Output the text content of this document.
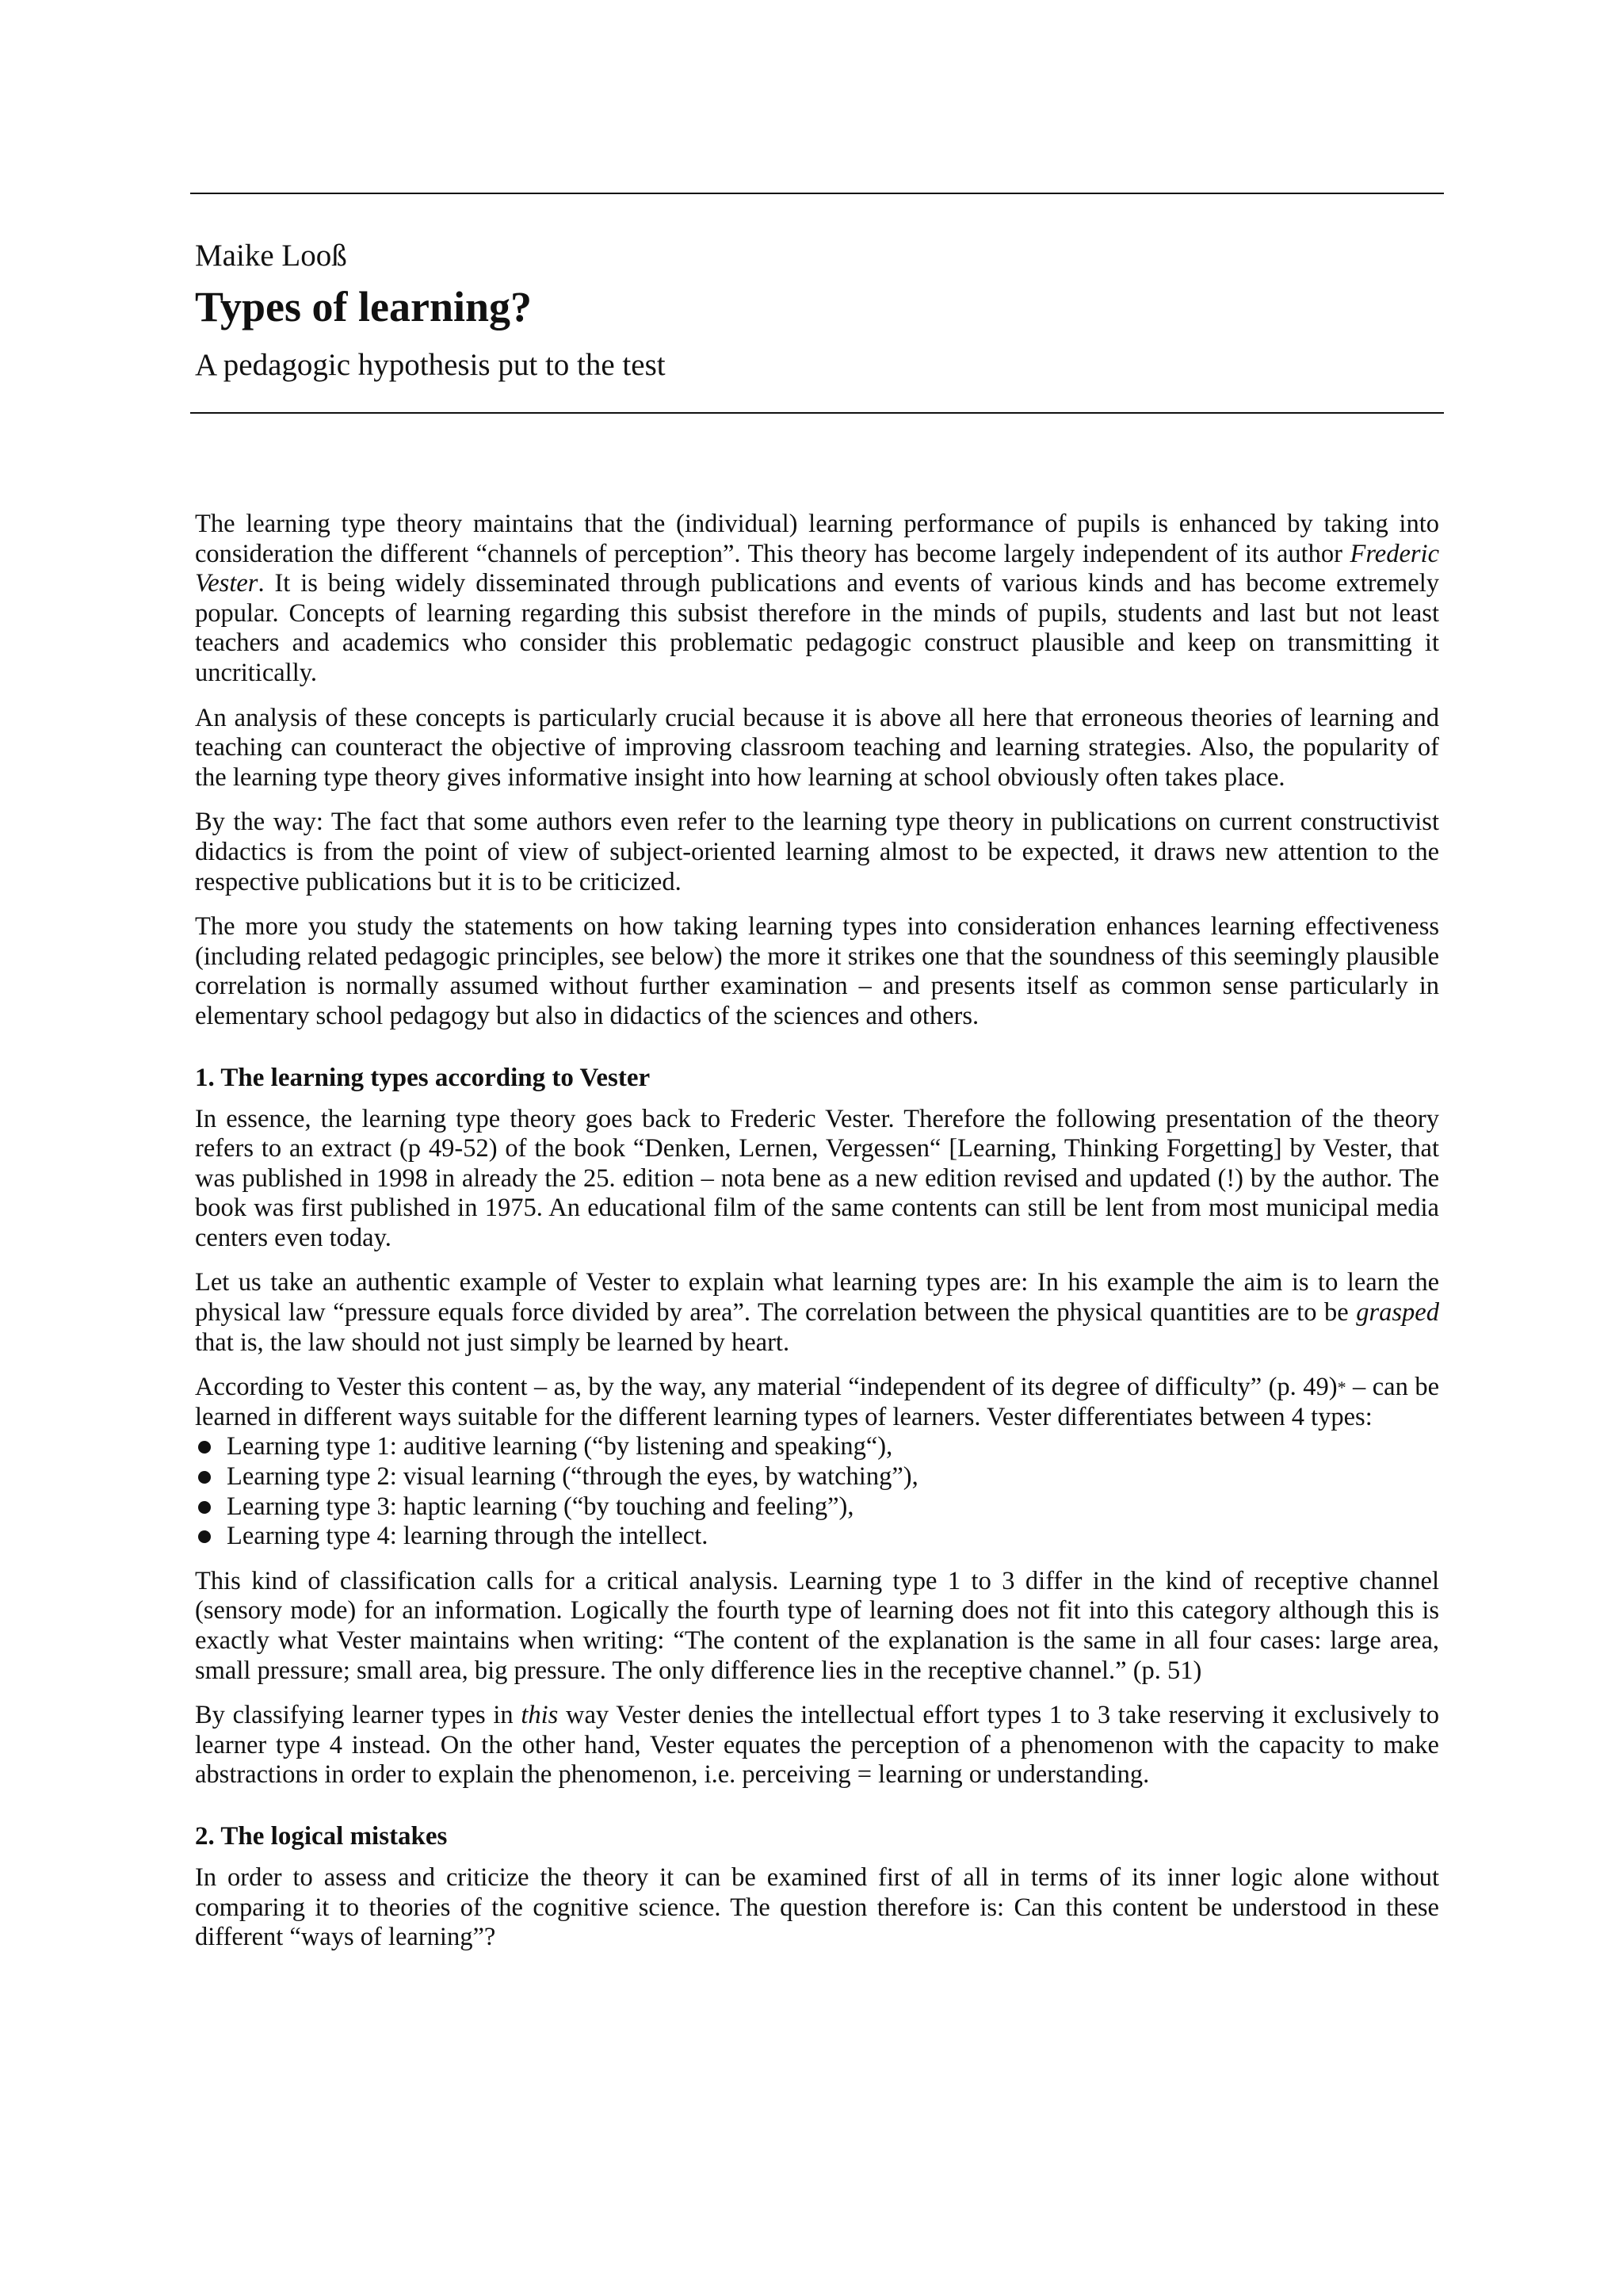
Maike Looß
Types of learning?
A pedagogic hypothesis put to the test

The learning type theory maintains that the (individual) learning performance of pupils is enhanced by taking into consideration the different “channels of perception”. This theory has become largely independent of its author Frederic Vester. It is being widely disseminated through publications and events of various kinds and has become extremely popular. Concepts of learning regarding this subsist therefore in the minds of pupils, students and last but not least teachers and academics who consider this problematic pedagogic construct plausible and keep on transmitting it uncritically.

An analysis of these concepts is particularly crucial because it is above all here that erroneous theories of learning and teaching can counteract the objective of improving classroom teaching and learning strategies. Also, the popularity of the learning type theory gives informative insight into how learning at school obviously often takes place.

By the way: The fact that some authors even refer to the learning type theory in publications on current constructivist didactics is from the point of view of subject-oriented learning almost to be expected, it draws new attention to the respective publications but it is to be criticized.

The more you study the statements on how taking learning types into consideration enhances learning effectiveness (including related pedagogic principles, see below) the more it strikes one that the soundness of this seemingly plausible correlation is normally assumed without further examination – and presents itself as common sense particularly in elementary school pedagogy but also in didactics of the sciences and others.

1. The learning types according to Vester

In essence, the learning type theory goes back to Frederic Vester. Therefore the following presentation of the theory refers to an extract (p 49-52) of the book “Denken, Lernen, Vergessen“ [Learning, Thinking Forgetting] by Vester, that was published in 1998 in already the 25. edition – nota bene as a new edition revised and updated (!) by the author. The book was first published in 1975. An educational film of the same contents can still be lent from most municipal media centers even today.

Let us take an authentic example of Vester to explain what learning types are: In his example the aim is to learn the physical law “pressure equals force divided by area”. The correlation between the physical quantities are to be grasped that is, the law should not just simply be learned by heart.

According to Vester this content – as, by the way, any material “independent of its degree of difficulty” (p. 49)* – can be learned in different ways suitable for the different learning types of learners. Vester differentiates between 4 types:

Learning type 1: auditive learning (“by listening and speaking“),
Learning type 2: visual learning (“through the eyes, by watching”),
Learning type 3: haptic learning (“by touching and feeling”),
Learning type 4: learning through the intellect.

This kind of classification calls for a critical analysis. Learning type 1 to 3 differ in the kind of receptive channel (sensory mode) for an information. Logically the fourth type of learning does not fit into this category although this is exactly what Vester maintains when writing: “The content of the explanation is the same in all four cases: large area, small pressure; small area, big pressure. The only difference lies in the receptive channel.” (p. 51)

By classifying learner types in this way Vester denies the intellectual effort types 1 to 3 take reserving it exclusively to learner type 4 instead. On the other hand, Vester equates the perception of a phenomenon with the capacity to make abstractions in order to explain the phenomenon, i.e. perceiving = learning or understanding.

2. The logical mistakes

In order to assess and criticize the theory it can be examined first of all in terms of its inner logic alone without comparing it to theories of the cognitive science. The question therefore is: Can this content be understood in these different “ways of learning”?
